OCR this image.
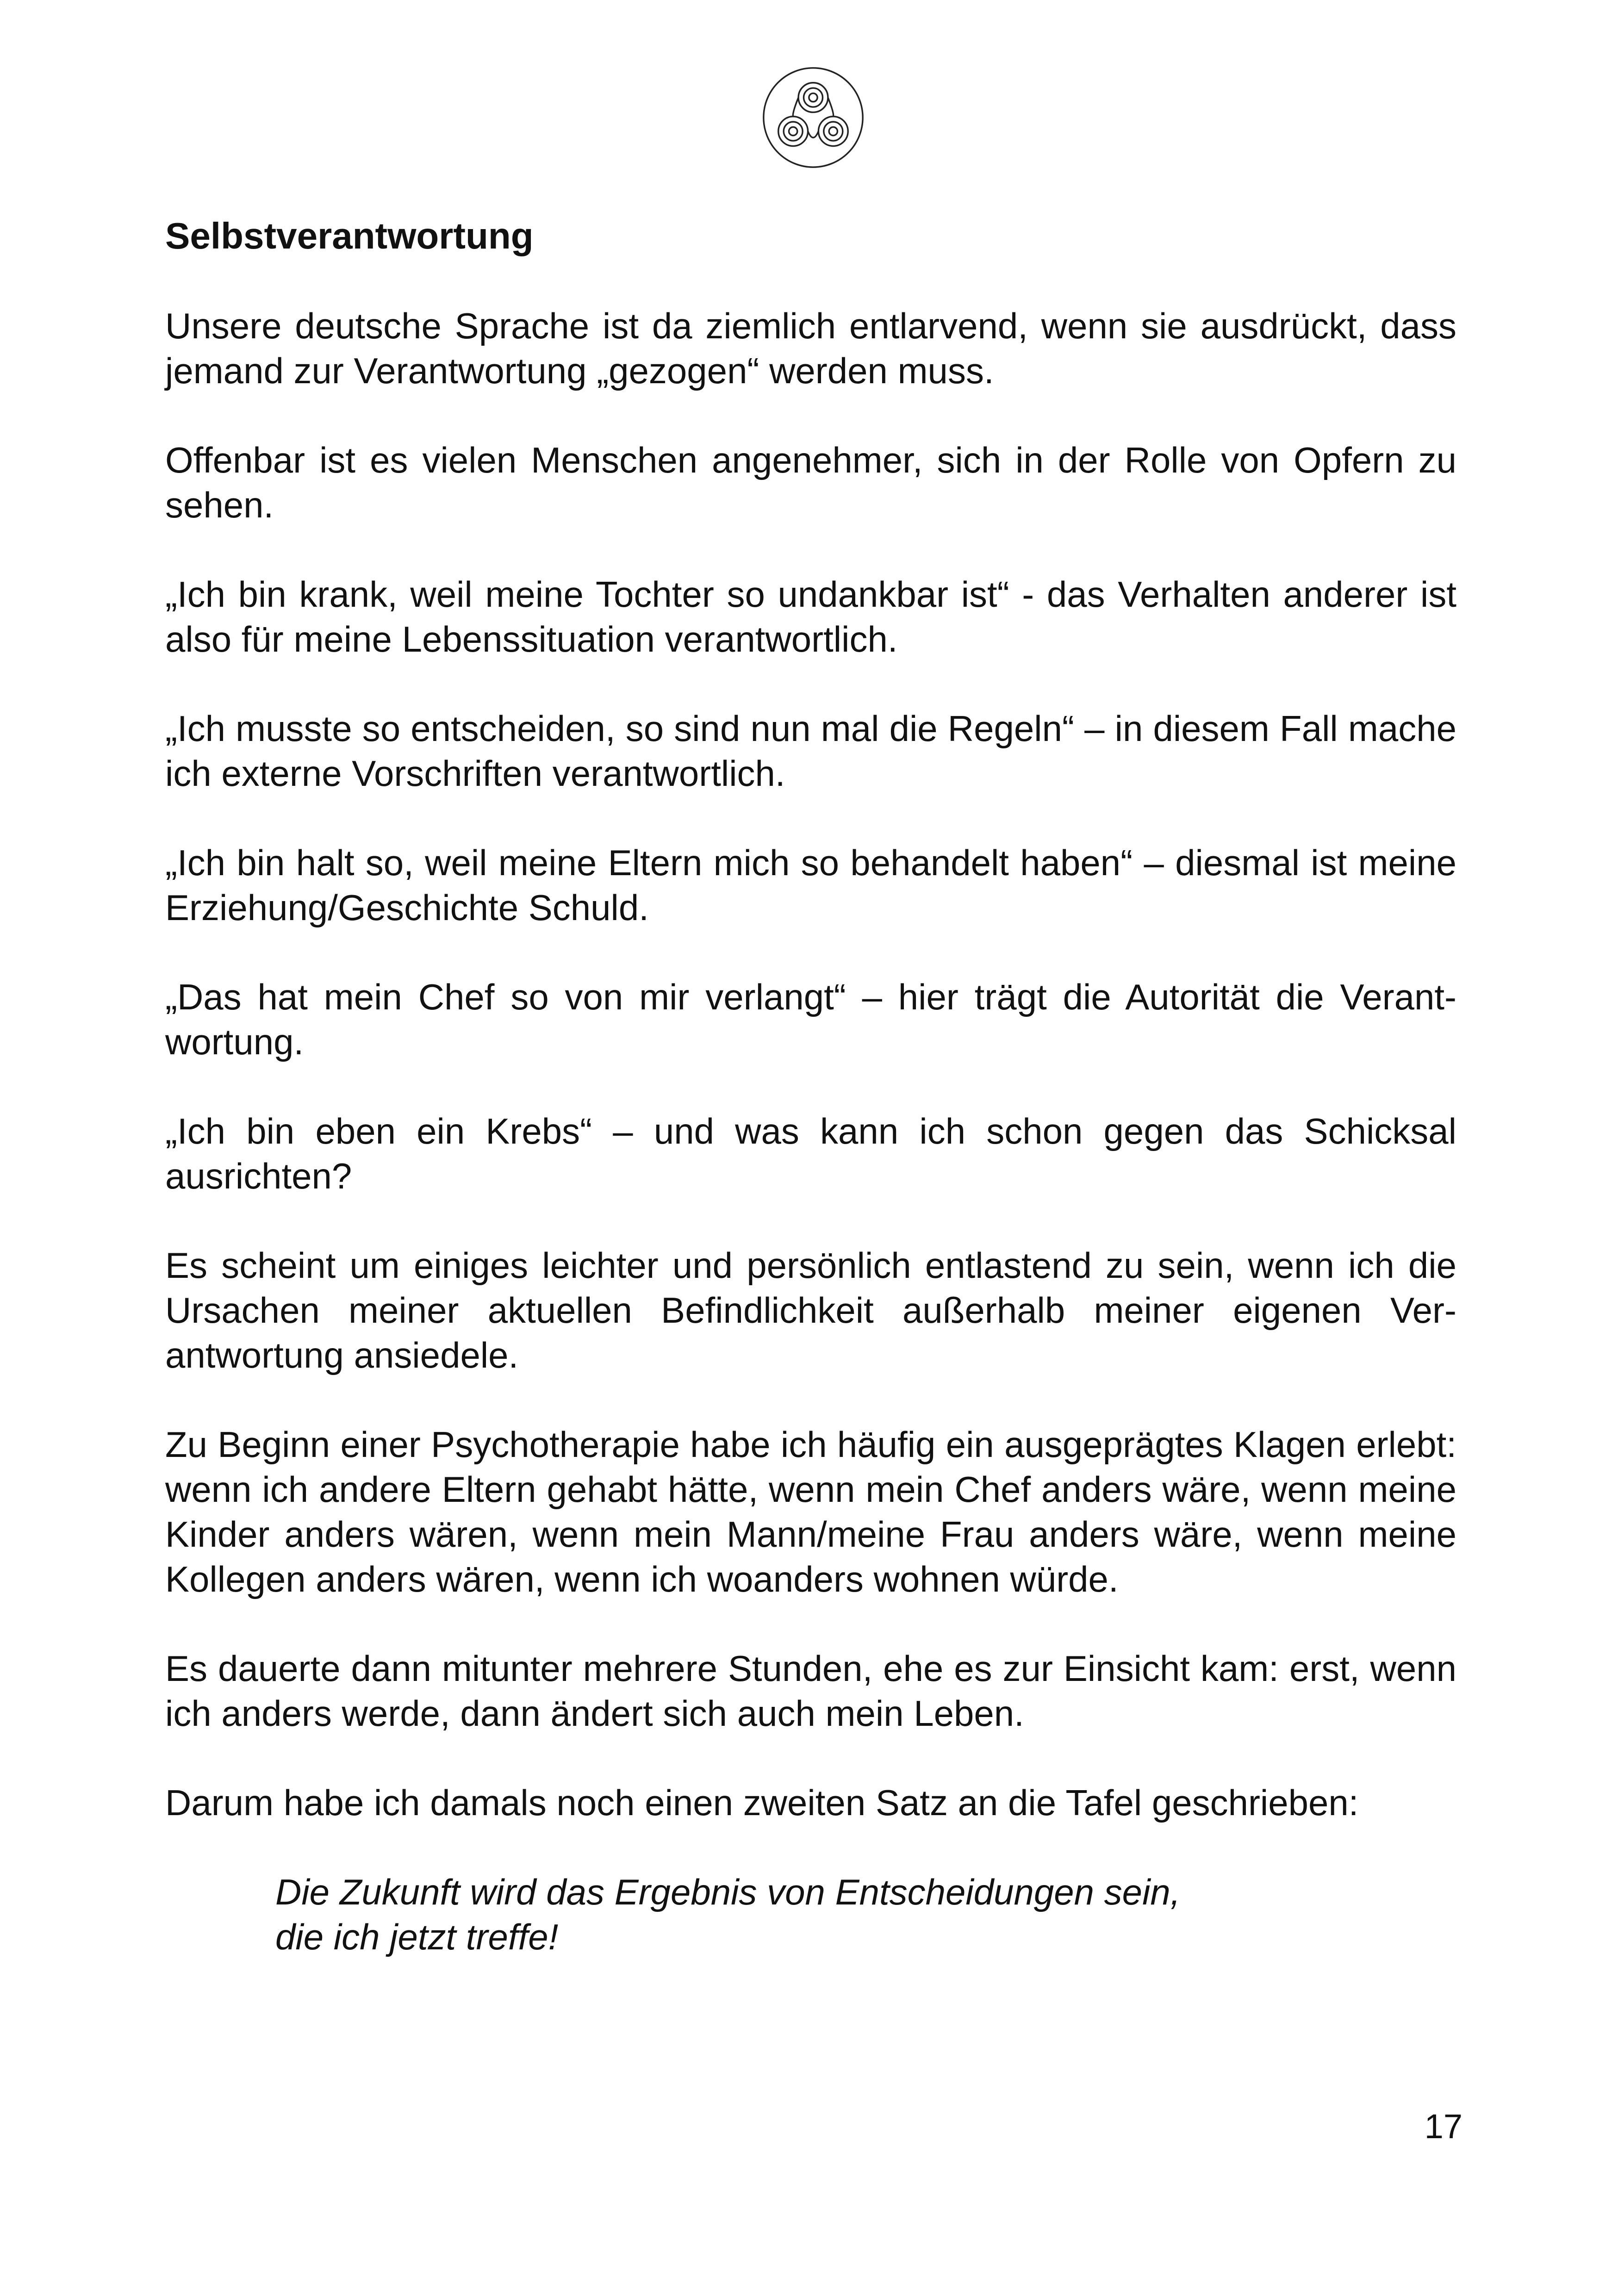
Selbstverantwortung

Unsere deutsche Sprache ist da ziemlich entlarvend, wenn sie ausdrückt, dass jemand zur Verantwortung „gezogen“ werden muss.

Offenbar ist es vielen Menschen angenehmer, sich in der Rolle von Opfern zu sehen.

„Ich bin krank, weil meine Tochter so undankbar ist“ - das Verhalten anderer ist also für meine Lebenssituation verantwortlich.

„Ich musste so entscheiden, so sind nun mal die Regeln“ – in diesem Fall mache ich externe Vorschriften verantwortlich.

„Ich bin halt so, weil meine Eltern mich so behandelt haben“ – diesmal ist meine Erziehung/Geschichte Schuld.

„Das hat mein Chef so von mir verlangt“ – hier trägt die Autorität die Verant-wortung.

„Ich bin eben ein Krebs“ – und was kann ich schon gegen das Schicksal ausrichten?

Es scheint um einiges leichter und persönlich entlastend zu sein, wenn ich die Ursachen meiner aktuellen Befindlichkeit außerhalb meiner eigenen Ver-antwortung ansiedele.

Zu Beginn einer Psychotherapie habe ich häufig ein ausgeprägtes Klagen erlebt: wenn ich andere Eltern gehabt hätte, wenn mein Chef anders wäre, wenn meine Kinder anders wären, wenn mein Mann/meine Frau anders wäre, wenn meine Kollegen anders wären, wenn ich woanders wohnen würde.

Es dauerte dann mitunter mehrere Stunden, ehe es zur Einsicht kam: erst, wenn ich anders werde, dann ändert sich auch mein Leben.

Darum habe ich damals noch einen zweiten Satz an die Tafel geschrieben:

Die Zukunft wird das Ergebnis von Entscheidungen sein,
die ich jetzt treffe!
17
